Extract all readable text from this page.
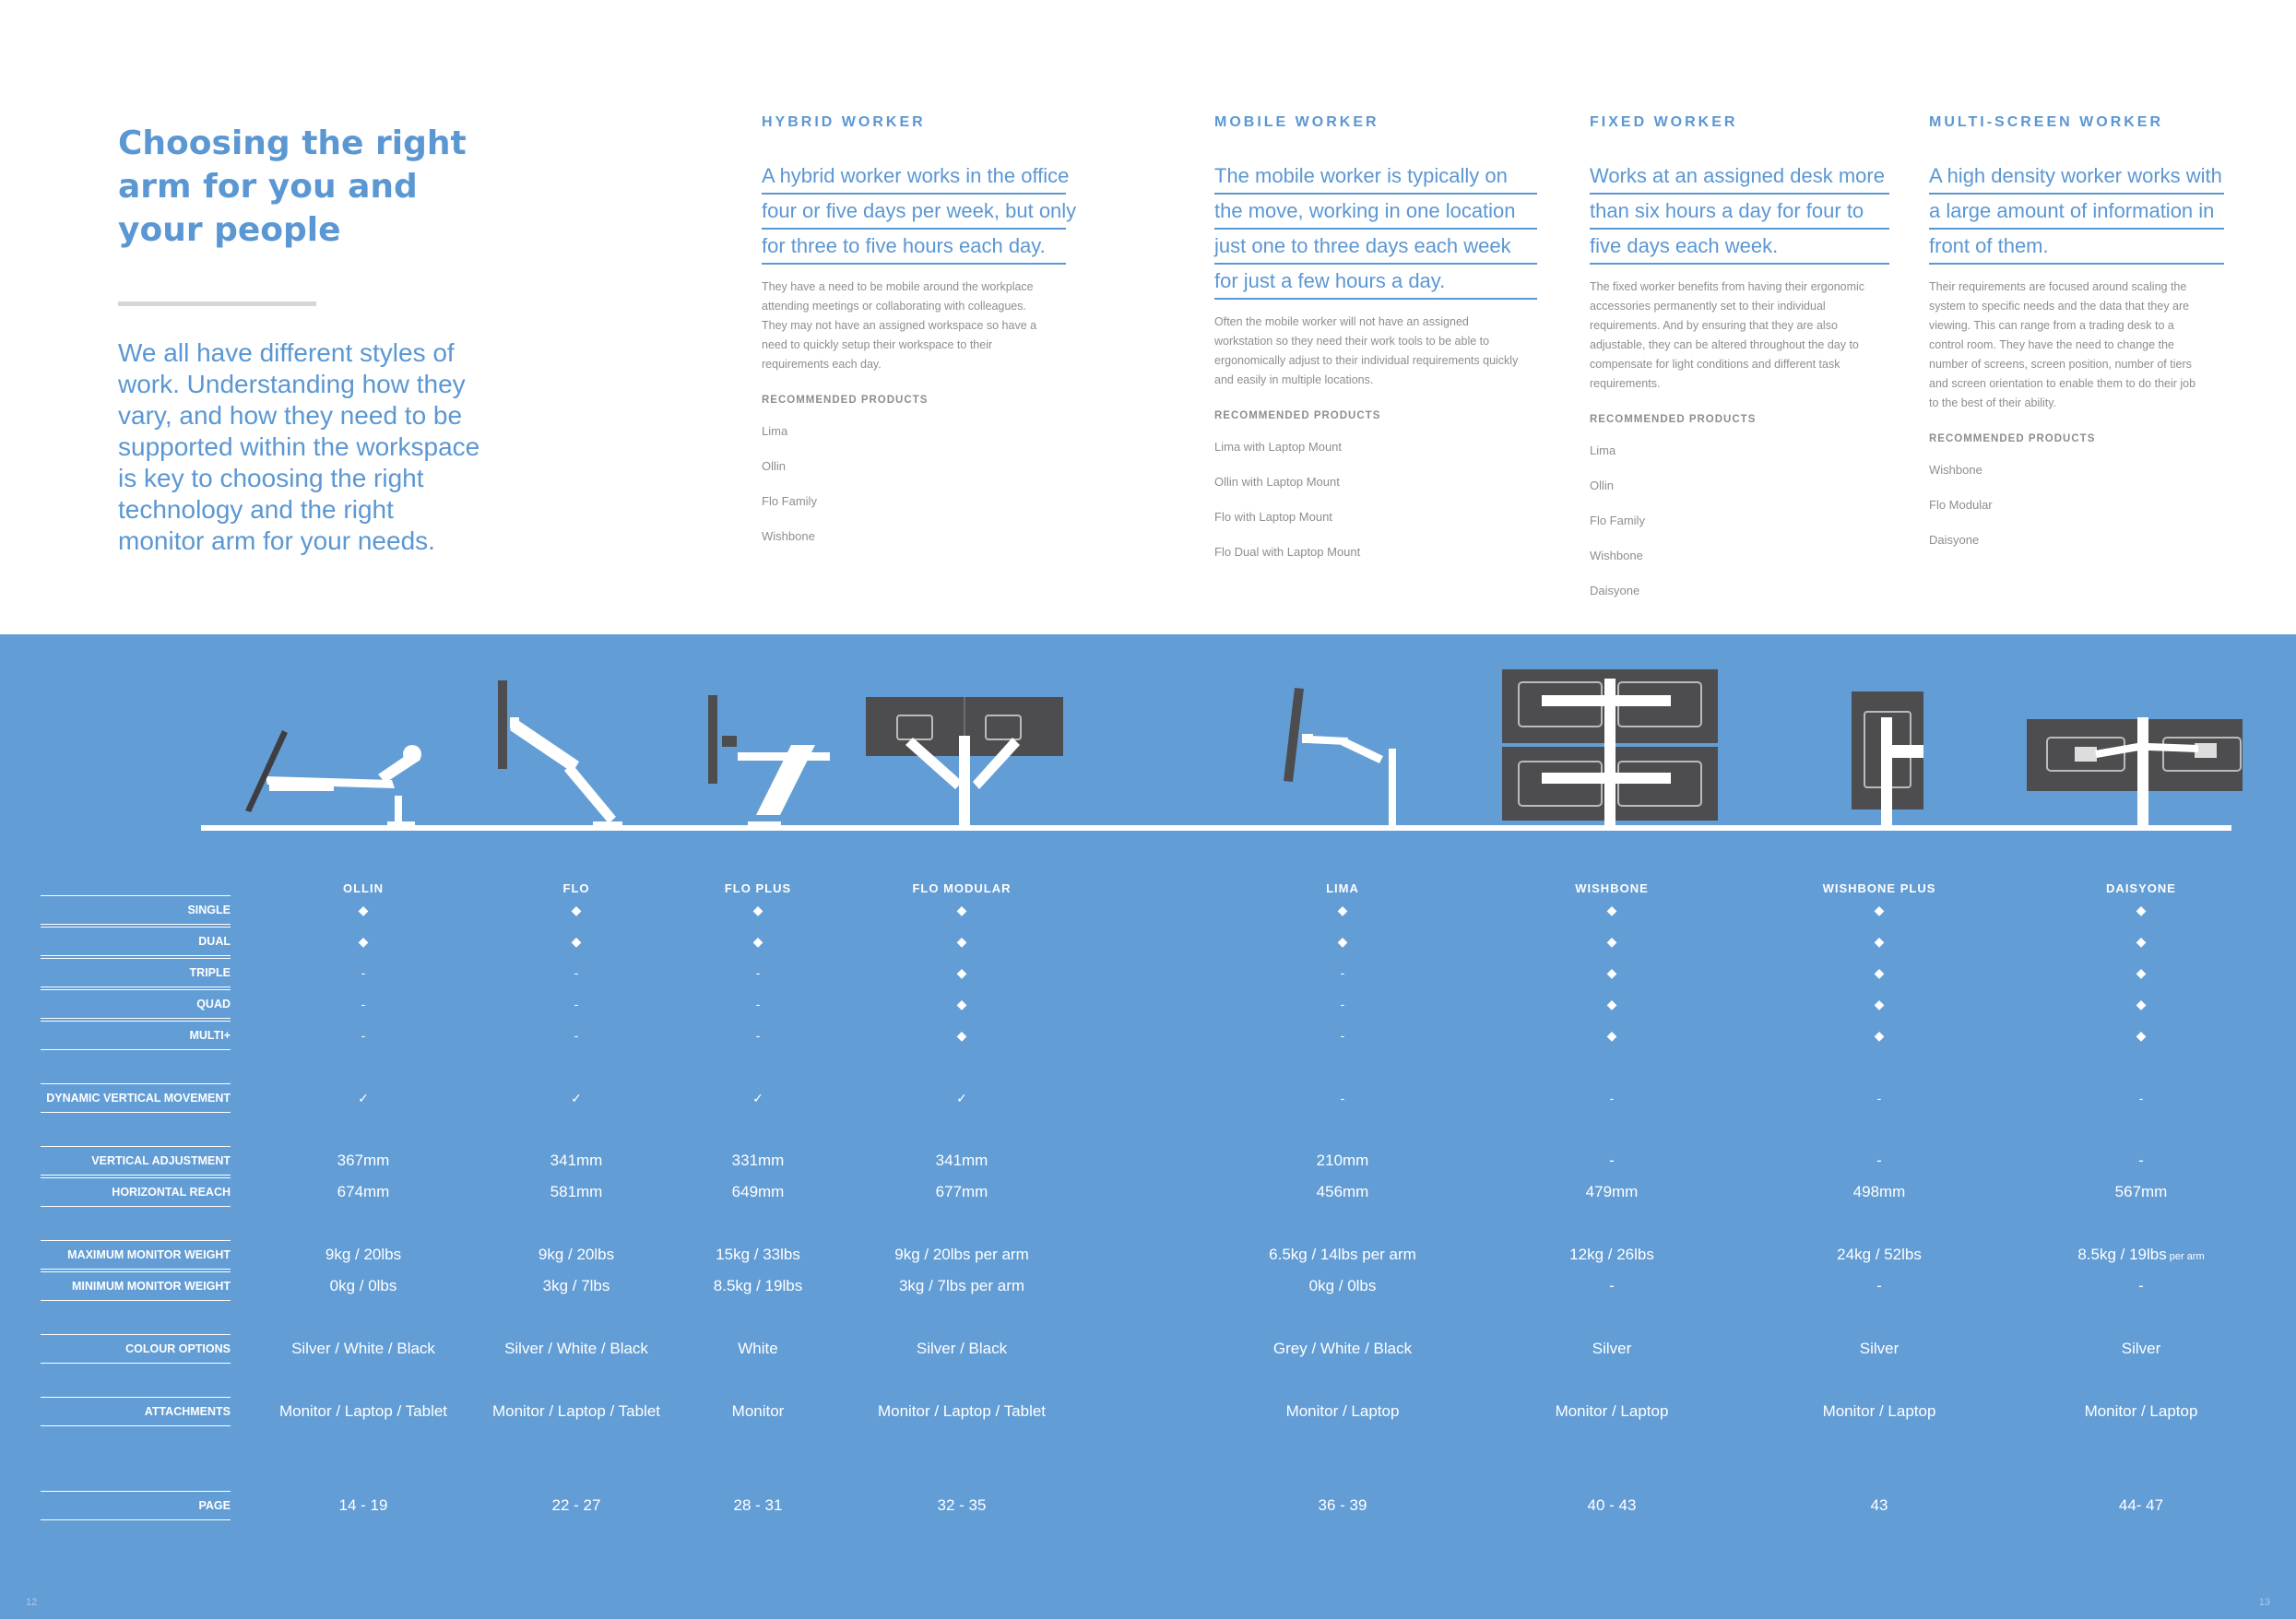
Choosing the right arm for you and your people

We all have different styles of work. Understanding how they vary, and how they need to be supported within the workspace is key to choosing the right technology and the right monitor arm for your needs.

HYBRID WORKER
A hybrid worker works in the office
four or five days per week, but only
for three to five hours each day.
They have a need to be mobile around the workplace attending meetings or collaborating with colleagues. They may not have an assigned workspace so have a need to quickly setup their workspace to their requirements each day.
RECOMMENDED PRODUCTS
Lima
Ollin
Flo Family
Wishbone
MOBILE WORKER
The mobile worker is typically on
the move, working in one location
just one to three days each week
for just a few hours a day.
Often the mobile worker will not have an assigned workstation so they need their work tools to be able to ergonomically adjust to their individual requirements quickly and easily in multiple locations.
RECOMMENDED PRODUCTS
Lima with Laptop Mount
Ollin with Laptop Mount
Flo with Laptop Mount
Flo Dual with Laptop Mount
FIXED WORKER
Works at an assigned desk more
than six hours a day for four to
five days each week.
The fixed worker benefits from having their ergonomic accessories permanently set to their individual requirements. And by ensuring that they are also adjustable, they can be altered throughout the day to compensate for light conditions and different task requirements.
RECOMMENDED PRODUCTS
Lima
Ollin
Flo Family
Wishbone
Daisyone
MULTI-SCREEN WORKER
A high density worker works with
a large amount of information in
front of them.
Their requirements are focused around scaling the system to specific needs and the data that they are viewing. This can range from a trading desk to a control room. They have the need to change the number of screens, screen position, number of tiers and screen orientation to enable them to do their job to the best of their ability.
RECOMMENDED PRODUCTS
Wishbone
Flo Modular
Daisyone
SINGLE
DUAL
TRIPLE
QUAD
MULTI+
DYNAMIC VERTICAL MOVEMENT
VERTICAL ADJUSTMENT
HORIZONTAL REACH
MAXIMUM MONITOR WEIGHT
MINIMUM MONITOR WEIGHT
COLOUR OPTIONS
ATTACHMENTS
PAGE
OLLIN
◆
◆
-
-
-
✓
367mm
674mm
9kg / 20lbs
0kg / 0lbs
Silver / White / Black
Monitor / Laptop / Tablet
14 - 19
FLO
◆
◆
-
-
-
✓
341mm
581mm
9kg / 20lbs
3kg / 7lbs
Silver / White / Black
Monitor / Laptop / Tablet
22 - 27
FLO PLUS
◆
◆
-
-
-
✓
331mm
649mm
15kg / 33lbs
8.5kg / 19lbs
White
Monitor
28 - 31
FLO MODULAR
◆
◆
◆
◆
◆
✓
341mm
677mm
9kg / 20lbs per arm
3kg / 7lbs per arm
Silver / Black
Monitor / Laptop / Tablet
32 - 35
LIMA
◆
◆
-
-
-
-
210mm
456mm
6.5kg / 14lbs per arm
0kg / 0lbs
Grey / White / Black
Monitor / Laptop
36 - 39
WISHBONE
◆
◆
◆
◆
◆
-
-
479mm
12kg / 26lbs
-
Silver
Monitor / Laptop
40 - 43
WISHBONE PLUS
◆
◆
◆
◆
◆
-
-
498mm
24kg / 52lbs
-
Silver
Monitor / Laptop
43
DAISYONE
◆
◆
◆
◆
◆
-
-
567mm
8.5kg / 19lbs per arm
-
Silver
Monitor / Laptop
44- 47
12	13
